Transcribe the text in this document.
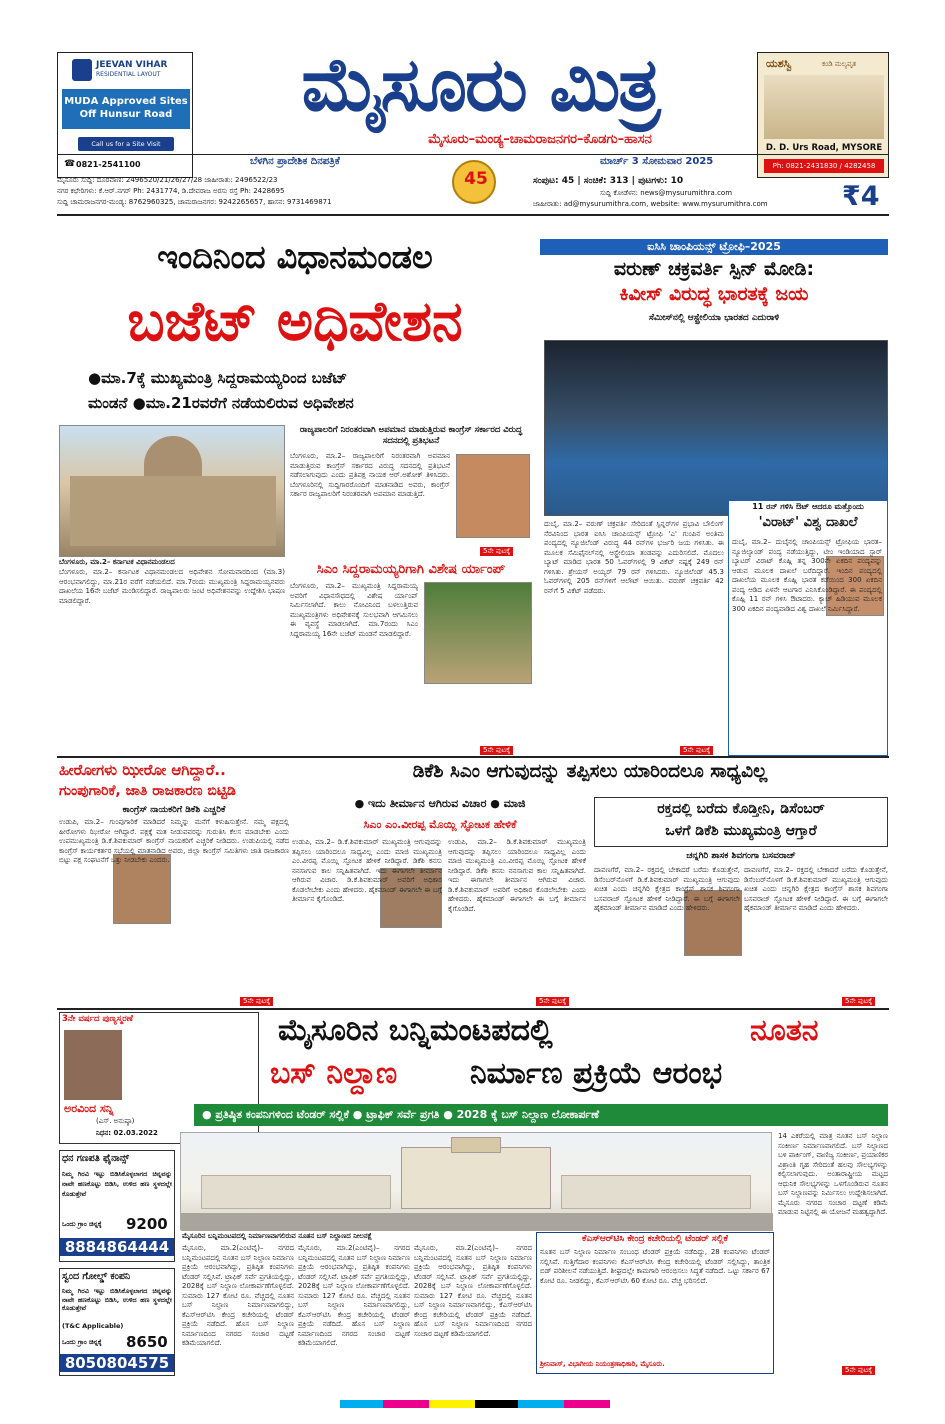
JEEVAN VIHAR
RESIDENTIAL LAYOUT
MUDA Approved Sites Off Hunsur Road
Call us for a Site Visit
☎ 0821-2541100
ಮೈಸೂರು ಮಿತ್ರ
ಮೈಸೂರು–ಮಂಡ್ಯ–ಚಾಮರಾಜನಗರ–ಕೊಡಗು–ಹಾಸನ
ಯಶಸ್ವಿ	ಕಂಡಿ ಮಲ್ಯವೃತ
D. D. Urs Road, MYSORE
Ph: 0821-2431830 / 4282458
ಬೆಳಗಿನ ಪ್ರಾದೇಶಿಕ ದಿನಪತ್ರಿಕೆ	ಮಾರ್ಚ್ 3 ಸೋಮವಾರ 2025
45
ಮೈಸೂರು ಸುದ್ದಿ: ದೂರವಾಣಿ: 2496520/21/26/27/28 ಜಾಹೀರಾತು: 2496522/23
ನಗರ ಕಛೇರಿಗಳು: ಕೆ.ಆರ್.ನಗರ್ Ph: 2431774, ಡಿ.ದೇವರಾಜ ಅರಸು ರಸ್ತೆ Ph: 2428695
ಸುದ್ದಿ ಚಾಮರಾಜನಗರ-ಮಂಡ್ಯ: 8762960325, ಚಾಮರಾಜನಗರ: 9242265657, ಹಾಸನ: 9731469871
ಸಂಪುಟ: 45 | ಸಂಚಿಕೆ: 313 | ಪುಟಗಳು: 10
ಸುದ್ದಿ ಕೋಡೆಳನ: news@mysurumithra.com
ಜಾಹೀರಾತು: ad@mysurumithra.com, website: www.mysurumithra.com	₹4
ಇಂದಿನಿಂದ ವಿಧಾನಮಂಡಲ
ಬಜೆಟ್ ಅಧಿವೇಶನ
●ಮಾ.7ಕ್ಕೆ ಮುಖ್ಯಮಂತ್ರಿ ಸಿದ್ದರಾಮಯ್ಯರಿಂದ ಬಜೆಟ್
ಮಂಡನೆ ●ಮಾ.21ರವರೆಗೆ ನಡೆಯಲಿರುವ ಅಧಿವೇಶನ
ಬೆಂಗಳೂರು, ಮಾ.2– ಕರ್ನಾಟಕ ವಿಧಾನಮಂಡಲದ
ಬೆಂಗಳೂರು, ಮಾ.2– ಕರ್ನಾಟಕ ವಿಧಾನಮಂಡಲದ ಅಧಿವೇಶನ ಸೋಮವಾರದಿಂದ (ಮಾ.3) ಆರಂಭವಾಗಲಿದ್ದು, ಮಾ.21ರ ವರೆಗೆ ನಡೆಯಲಿದೆ. ಮಾ.7ರಂದು ಮುಖ್ಯಮಂತ್ರಿ ಸಿದ್ದರಾಮಯ್ಯನವರು ದಾಖಲೆಯ 16ನೇ ಬಜೆಟ್ ಮಂಡಿಸಲಿದ್ದಾರೆ. ರಾಜ್ಯಪಾಲರು ಜಂಟಿ ಅಧಿವೇಶನವನ್ನು ಉದ್ದೇಶಿಸಿ ಭಾಷಣ ಮಾಡಲಿದ್ದಾರೆ.
ರಾಜ್ಯಪಾಲರಿಗೆ ನಿರಂತರವಾಗಿ ಅಪಮಾನ ಮಾಡುತ್ತಿರುವ ಕಾಂಗ್ರೆಸ್ ಸರ್ಕಾರದ ವಿರುದ್ಧ ಸದನದಲ್ಲಿ ಪ್ರತಿಭಟನೆ
ಬೆಂಗಳೂರು, ಮಾ.2– ರಾಜ್ಯಪಾಲರಿಗೆ ನಿರಂತರವಾಗಿ ಅಪಮಾನ ಮಾಡುತ್ತಿರುವ ಕಾಂಗ್ರೆಸ್ ಸರ್ಕಾರದ ವಿರುದ್ಧ ಸದನದಲ್ಲಿ ಪ್ರತಿಭಟನೆ ನಡೆಸಲಾಗುವುದು ಎಂದು ಪ್ರತಿಪಕ್ಷ ನಾಯಕ ಆರ್.ಅಶೋಕ್ ತಿಳಿಸಿದರು. ಬೆಂಗಳೂರಿನಲ್ಲಿ ಸುದ್ದಿಗಾರರೊಂದಿಗೆ ಮಾತನಾಡಿದ ಅವರು, ಕಾಂಗ್ರೆಸ್ ಸರ್ಕಾರ ರಾಜ್ಯಪಾಲರಿಗೆ ನಿರಂತರವಾಗಿ ಅಪಮಾನ ಮಾಡುತ್ತಿದೆ.
5ನೇ ಪುಟಕ್ಕೆ
ಸಿಎಂ ಸಿದ್ದರಾಮಯ್ಯರಿಗಾಗಿ ವಿಶೇಷ ರ್ಯಾಂಪ್
ಬೆಂಗಳೂರು, ಮಾ.2– ಮುಖ್ಯಮಂತ್ರಿ ಸಿದ್ದರಾಮಯ್ಯ ಅವರಿಗೆ ವಿಧಾನಸೌಧದಲ್ಲಿ ವಿಶೇಷ ರ್ಯಾಂಪ್ ನಿರ್ಮಿಸಲಾಗಿದೆ. ಕಾಲು ನೋವಿನಿಂದ ಬಳಲುತ್ತಿರುವ ಮುಖ್ಯಮಂತ್ರಿಗಳು ಅಧಿವೇಶನಕ್ಕೆ ಸುಲಭವಾಗಿ ಆಗಮಿಸಲು ಈ ವ್ಯವಸ್ಥೆ ಮಾಡಲಾಗಿದೆ. ಮಾ.7ರಂದು ಸಿಎಂ ಸಿದ್ದರಾಮಯ್ಯ 16ನೇ ಬಜೆಟ್ ಮಂಡನೆ ಮಾಡಲಿದ್ದಾರೆ.
5ನೇ ಪುಟಕ್ಕೆ
ಐಸಿಸಿ ಚಾಂಪಿಯನ್ಸ್ ಟ್ರೋಫಿ–2025
ವರುಣ್ ಚಕ್ರವರ್ತಿ ಸ್ಪಿನ್ ಮೋಡಿ:
ಕಿವೀಸ್ ವಿರುದ್ಧ ಭಾರತಕ್ಕೆ ಜಯ
ಸೆಮೀಸ್‌ನಲ್ಲಿ ಆಸ್ಟ್ರೇಲಿಯಾ ಭಾರತದ ಎದುರಾಳಿ
ದುಬೈ, ಮಾ.2– ವರುಣ್ ಚಕ್ರವರ್ತಿ ಸೇರಿದಂತೆ ಸ್ಪಿನ್ನರ್‌ಗಳ ಪ್ರಭಾವಿ ಬೌಲಿಂಗ್ ನೆರವಿನಿಂದ ಭಾರತ ಐಸಿಸಿ ಚಾಂಪಿಯನ್ಸ್ ಟ್ರೋಫಿ 'ಎ' ಗುಂಪಿನ ಅಂತಿಮ ಪಂದ್ಯದಲ್ಲಿ ನ್ಯೂಜಿಲೆಂಡ್ ವಿರುದ್ಧ 44 ರನ್‌ಗಳ ಭರ್ಜರಿ ಜಯ ಗಳಿಸಿತು. ಈ ಮೂಲಕ ಸೆಮಿಫೈನಲ್‌ನಲ್ಲಿ ಆಸ್ಟ್ರೇಲಿಯಾ ತಂಡವನ್ನು ಎದುರಿಸಲಿದೆ. ಮೊದಲು ಬ್ಯಾಟ್ ಮಾಡಿದ ಭಾರತ 50 ಓವರ್‌ಗಳಲ್ಲಿ 9 ವಿಕೆಟ್ ನಷ್ಟಕ್ಕೆ 249 ರನ್ ಗಳಿಸಿತು. ಶ್ರೇಯಸ್ ಅಯ್ಯರ್ 79 ರನ್ ಗಳಿಸಿದರು. ನ್ಯೂಜಿಲೆಂಡ್ 45.3 ಓವರ್‌ಗಳಲ್ಲಿ 205 ರನ್‌ಗಳಿಗೆ ಆಲೌಟ್ ಆಯಿತು. ವರುಣ್ ಚಕ್ರವರ್ತಿ 42 ರನ್‌ಗೆ 5 ವಿಕೆಟ್ ಪಡೆದರು.
5ನೇ ಪುಟಕ್ಕೆ
11 ರನ್ ಗಳಿಸಿ ಔಟ್ ಆದರೂ ಮತ್ತೊಂದು
'ವಿರಾಟ್' ವಿಶ್ವ ದಾಖಲೆ
ದುಬೈ, ಮಾ.2– ದುಬೈನಲ್ಲಿ ಚಾಂಪಿಯನ್ಸ್ ಟ್ರೋಫಿಯ ಭಾರತ–ನ್ಯೂಜಿಲ್ಯಾಂಡ್ ಪಂದ್ಯ ನಡೆಯುತ್ತಿದ್ದು, ಟೀಂ ಇಂಡಿಯಾದ ಸ್ಟಾರ್ ಬ್ಯಾಟರ್ ವಿರಾಟ್ ಕೊಹ್ಲಿ ತನ್ನ 300ನೇ ಏಕದಿನ ಪಂದ್ಯವನ್ನು ಆಡುವ ಮೂಲಕ ದಾಖಲೆ ಬರೆದಿದ್ದಾರೆ. ಇಂದಿನ ಪಂದ್ಯದಲ್ಲಿ ದಾಖಲೆಯ ಮೂಲಕ ಕೊಹ್ಲಿ ಭಾರತ ಕಡೆಯಿಂದ 300 ಏಕದಿನ ಪಂದ್ಯ ಆಡಿದ ಏಳನೇ ಆಟಗಾರ ಎನಿಸಿಕೊಂಡಿದ್ದಾರೆ. ಈ ಪಂದ್ಯದಲ್ಲಿ ಕೊಹ್ಲಿ 11 ರನ್ ಗಳಿಸಿ ಔಟಾದರು. ಕ್ಯಾಚ್ ಹಿಡಿಯುವ ಮೂಲಕ 300 ಏಕದಿನ ಪಂದ್ಯವಾಡಿದ ವಿಶ್ವ ದಾಖಲೆ ನಿರ್ಮಿಸಿದ್ದಾರೆ.
ಹೀರೋಗಳು ಝೀರೋ ಆಗಿದ್ದಾರೆ..
ಗುಂಪುಗಾರಿಕೆ, ಜಾತಿ ರಾಜಕಾರಣ ಬಿಟ್ಟಿಡಿ
ಕಾಂಗ್ರೆಸ್ ನಾಯಕರಿಗೆ ಡಿಕೆಶಿ ಎಚ್ಚರಿಕೆ
ಉಡುಪಿ, ಮಾ.2– ಗುಂಪುಗಾರಿಕೆ ಮಾಡಿದರೆ ನಿಮ್ಮನ್ನು ಮನೆಗೆ ಕಳುಹಿಸುತ್ತೇನೆ. ನಮ್ಮ ಪಕ್ಷದಲ್ಲಿ ಹೀರೋಗಳು ಝೀರೋ ಆಗಿದ್ದಾರೆ. ಪಕ್ಷಕ್ಕೆ ಮತ ನೀಡುವವರನ್ನು ಗುರುತಿಸಿ ಕೆಲಸ ಮಾಡಬೇಕು ಎಂದು ಉಪಮುಖ್ಯಮಂತ್ರಿ ಡಿ.ಕೆ.ಶಿವಕುಮಾರ್ ಕಾಂಗ್ರೆಸ್ ನಾಯಕರಿಗೆ ಎಚ್ಚರಿಕೆ ನೀಡಿದರು. ಉಡುಪಿಯಲ್ಲಿ ನಡೆದ ಕಾಂಗ್ರೆಸ್ ಕಾರ್ಯಕರ್ತರ ಸಭೆಯಲ್ಲಿ ಮಾತನಾಡಿದ ಅವರು, ಜಿಲ್ಲಾ ಕಾಂಗ್ರೆಸ್ ಸಮಿತಿಗಳು ಜಾತಿ ರಾಜಕಾರಣ ಬಿಟ್ಟು ಪಕ್ಷ ಸಂಘಟನೆಗೆ ಒತ್ತು ನೀಡಬೇಕು ಎಂದರು.
5ನೇ ಪುಟಕ್ಕೆ
ಡಿಕೆಶಿ ಸಿಎಂ ಆಗುವುದನ್ನು ತಪ್ಪಿಸಲು ಯಾರಿಂದಲೂ ಸಾಧ್ಯವಿಲ್ಲ
● ಇದು ತೀರ್ಮಾನ ಆಗಿರುವ ವಿಚಾರ ● ಮಾಜಿ
ಸಿಎಂ ಎಂ.ವೀರಪ್ಪ ಮೊಯ್ಲಿ ಸ್ಫೋಟಕ ಹೇಳಿಕೆ
ಉಡುಪಿ, ಮಾ.2– ಡಿ.ಕೆ.ಶಿವಕುಮಾರ್ ಮುಖ್ಯಮಂತ್ರಿ ಆಗುವುದನ್ನು ತಪ್ಪಿಸಲು ಯಾರಿಂದಲೂ ಸಾಧ್ಯವಿಲ್ಲ ಎಂದು ಮಾಜಿ ಮುಖ್ಯಮಂತ್ರಿ ಎಂ.ವೀರಪ್ಪ ಮೊಯ್ಲಿ ಸ್ಫೋಟಕ ಹೇಳಿಕೆ ನೀಡಿದ್ದಾರೆ. ಡಿಕೆಶಿ ಕನಸು ನನಸಾಗುವ ಕಾಲ ಸನ್ನಿಹಿತವಾಗಿದೆ. ಇದು ಈಗಾಗಲೇ ತೀರ್ಮಾನ ಆಗಿರುವ ವಿಚಾರ. ಡಿ.ಕೆ.ಶಿವಕುಮಾರ್ ಅವರಿಗೆ ಅಧಿಕಾರ ಕೊಡಲೇಬೇಕು ಎಂದು ಹೇಳಿದರು. ಹೈಕಮಾಂಡ್ ಈಗಾಗಲೇ ಈ ಬಗ್ಗೆ ತೀರ್ಮಾನ ಕೈಗೊಂಡಿದೆ.
ಉಡುಪಿ, ಮಾ.2– ಡಿ.ಕೆ.ಶಿವಕುಮಾರ್ ಮುಖ್ಯಮಂತ್ರಿ ಆಗುವುದನ್ನು ತಪ್ಪಿಸಲು ಯಾರಿಂದಲೂ ಸಾಧ್ಯವಿಲ್ಲ ಎಂದು ಮಾಜಿ ಮುಖ್ಯಮಂತ್ರಿ ಎಂ.ವೀರಪ್ಪ ಮೊಯ್ಲಿ ಸ್ಫೋಟಕ ಹೇಳಿಕೆ ನೀಡಿದ್ದಾರೆ. ಡಿಕೆಶಿ ಕನಸು ನನಸಾಗುವ ಕಾಲ ಸನ್ನಿಹಿತವಾಗಿದೆ. ಇದು ಈಗಾಗಲೇ ತೀರ್ಮಾನ ಆಗಿರುವ ವಿಚಾರ. ಡಿ.ಕೆ.ಶಿವಕುಮಾರ್ ಅವರಿಗೆ ಅಧಿಕಾರ ಕೊಡಲೇಬೇಕು ಎಂದು ಹೇಳಿದರು. ಹೈಕಮಾಂಡ್ ಈಗಾಗಲೇ ಈ ಬಗ್ಗೆ ತೀರ್ಮಾನ ಕೈಗೊಂಡಿದೆ.
5ನೇ ಪುಟಕ್ಕೆ
ರಕ್ತದಲ್ಲಿ ಬರೆದು ಕೊಡ್ತೀನಿ, ಡಿಸೆಂಬರ್
ಒಳಗೆ ಡಿಕೆಶಿ ಮುಖ್ಯಮಂತ್ರಿ ಆಗ್ತಾರೆ
ಚನ್ನಗಿರಿ ಶಾಸಕ ಶಿವಗಂಗಾ ಬಸವರಾಜ್
ದಾವಣಗೆರೆ, ಮಾ.2– ರಕ್ತದಲ್ಲಿ ಬೇಕಾದರೆ ಬರೆದು ಕೊಡುತ್ತೇನೆ, ಡಿಸೆಂಬರ್‌ನೊಳಗೆ ಡಿ.ಕೆ.ಶಿವಕುಮಾರ್ ಮುಖ್ಯಮಂತ್ರಿ ಆಗುವುದು ಖಚಿತ ಎಂದು ಚನ್ನಗಿರಿ ಕ್ಷೇತ್ರದ ಕಾಂಗ್ರೆಸ್ ಶಾಸಕ ಶಿವಗಂಗಾ ಬಸವರಾಜ್ ಸ್ಫೋಟಕ ಹೇಳಿಕೆ ನೀಡಿದ್ದಾರೆ. ಈ ಬಗ್ಗೆ ಈಗಾಗಲೇ ಹೈಕಮಾಂಡ್ ತೀರ್ಮಾನ ಮಾಡಿದೆ ಎಂದು ಹೇಳಿದರು.
ದಾವಣಗೆರೆ, ಮಾ.2– ರಕ್ತದಲ್ಲಿ ಬೇಕಾದರೆ ಬರೆದು ಕೊಡುತ್ತೇನೆ, ಡಿಸೆಂಬರ್‌ನೊಳಗೆ ಡಿ.ಕೆ.ಶಿವಕುಮಾರ್ ಮುಖ್ಯಮಂತ್ರಿ ಆಗುವುದು ಖಚಿತ ಎಂದು ಚನ್ನಗಿರಿ ಕ್ಷೇತ್ರದ ಕಾಂಗ್ರೆಸ್ ಶಾಸಕ ಶಿವಗಂಗಾ ಬಸವರಾಜ್ ಸ್ಫೋಟಕ ಹೇಳಿಕೆ ನೀಡಿದ್ದಾರೆ. ಈ ಬಗ್ಗೆ ಈಗಾಗಲೇ ಹೈಕಮಾಂಡ್ ತೀರ್ಮಾನ ಮಾಡಿದೆ ಎಂದು ಹೇಳಿದರು.
5ನೇ ಪುಟಕ್ಕೆ
3ನೇ ವರ್ಷದ ಪುಣ್ಯಸ್ಮರಣೆ
ಅರವಿಂದ ಸನ್ನಿ
(ಎಸ್. ಅನುಷ್ಠಾ)
ನಿಧನ: 02.03.2022
ಧನ ಗಣಪತಿ ಫೈನಾನ್ಸ್
ನಿಮ್ಮ ಗಿರವಿ ಇಟ್ಟು ಬಿಡಿಸಿಕೊಳ್ಳಲಾಗದ ಚಿನ್ನವನ್ನು ನಾವೇ ಹಣಕೊಟ್ಟು ಬಿಡಿಸಿ, ಉಳಿದ ಹಣ ಸ್ಥಳದಲ್ಲೇ ಕೊಡುತ್ತೇವೆ
ಒಂದು ಗ್ರಾಂ ಚಿನ್ನಕ್ಕೆ 9200
8884864444
ಸ್ವಂದ ಗೋಲ್ಡ್ ಕಂಪನಿ
ನಿಮ್ಮ ಗಿರವಿ ಇಟ್ಟು ಬಿಡಿಸಿಕೊಳ್ಳಲಾಗದ ಚಿನ್ನವನ್ನು ನಾವೇ ಹಣಕೊಟ್ಟು ಬಿಡಿಸಿ, ಉಳಿದ ಹಣ ಸ್ಥಳದಲ್ಲೇ ಕೊಡುತ್ತೇವೆ
(T&C Applicable)
ಒಂದು ಗ್ರಾಂ ಚಿನ್ನಕ್ಕೆ 8650
8050804575
ಮೈಸೂರಿನ ಬನ್ನಿಮಂಟಪದಲ್ಲಿ	ನೂತನ
ಬಸ್ ನಿಲ್ದಾಣ ನಿರ್ಮಾಣ ಪ್ರಕ್ರಿಯೆ ಆರಂಭ
● ಪ್ರತಿಷ್ಠಿತ ಕಂಪನಿಗಳಿಂದ ಟೆಂಡರ್ ಸಲ್ಲಿಕೆ ● ಟ್ರಾಫಿಕ್ ಸರ್ವೆ ಪ್ರಗತಿ ● 2028 ಕ್ಕೆ ಬಸ್ ನಿಲ್ದಾಣ ಲೋಕಾರ್ಪಣೆ
14 ಎಕರೆಯಲ್ಲಿ ಮಾತ್ರ ನೂತನ ಬಸ್ ನಿಲ್ದಾಣ ಸಂಕೀರ್ಣ ನಿರ್ಮಾಣವಾಗಲಿದೆ. ಬಸ್ ನಿಲ್ದಾಣದ ಬಳಿ ಪಾರ್ಕಿಂಗ್, ವಾಣಿಜ್ಯ ಸಂಕೀರ್ಣ, ಪ್ರಯಾಣಿಕರ ವಿಶ್ರಾಂತಿ ಗೃಹ ಸೇರಿದಂತೆ ಹಲವು ಸೌಲಭ್ಯಗಳನ್ನು ಕಲ್ಪಿಸಲಾಗುವುದು. ಅಂತಾರಾಷ್ಟ್ರೀಯ ಮಟ್ಟದ ಆಧುನಿಕ ಸೌಲಭ್ಯಗಳನ್ನು ಒಳಗೊಂಡಿರುವ ನೂತನ ಬಸ್ ನಿಲ್ದಾಣವನ್ನು ನಿರ್ಮಿಸಲು ಉದ್ದೇಶಿಸಲಾಗಿದೆ. ಮೈಸೂರು ನಗರದ ಸಂಚಾರ ದಟ್ಟಣೆ ಕಡಿಮೆ ಮಾಡುವ ನಿಟ್ಟಿನಲ್ಲಿ ಈ ಯೋಜನೆ ಮಹತ್ವದ್ದಾಗಿದೆ.
5ನೇ ಪುಟಕ್ಕೆ
ಮೈಸೂರಿನ ಬನ್ನಿಮಂಟಪದಲ್ಲಿ ನಿರ್ಮಾಣವಾಗಲಿರುವ ನೂತನ ಬಸ್ ನಿಲ್ದಾಣದ ನೀಲನಕ್ಷೆ
ಮೈಸೂರು, ಮಾ.2(ಎಂಟಿವೈ)– ನಗರದ ಬನ್ನಿಮಂಟಪದಲ್ಲಿ ನೂತನ ಬಸ್ ನಿಲ್ದಾಣ ನಿರ್ಮಾಣ ಪ್ರಕ್ರಿಯೆ ಆರಂಭವಾಗಿದ್ದು, ಪ್ರತಿಷ್ಠಿತ ಕಂಪನಿಗಳು ಟೆಂಡರ್ ಸಲ್ಲಿಸಿವೆ. ಟ್ರಾಫಿಕ್ ಸರ್ವೆ ಪ್ರಗತಿಯಲ್ಲಿದ್ದು, 2028ಕ್ಕೆ ಬಸ್ ನಿಲ್ದಾಣ ಲೋಕಾರ್ಪಣೆಗೊಳ್ಳಲಿದೆ. ಸುಮಾರು 127 ಕೋಟಿ ರೂ. ವೆಚ್ಚದಲ್ಲಿ ನೂತನ ಬಸ್ ನಿಲ್ದಾಣ ನಿರ್ಮಾಣವಾಗಲಿದ್ದು, ಕೆಎಸ್ಆರ್‌ಟಿಸಿ ಕೇಂದ್ರ ಕಚೇರಿಯಲ್ಲಿ ಟೆಂಡರ್ ಪ್ರಕ್ರಿಯೆ ನಡೆದಿದೆ. ಹೊಸ ಬಸ್ ನಿಲ್ದಾಣ ನಿರ್ಮಾಣದಿಂದ ನಗರದ ಸಂಚಾರ ದಟ್ಟಣೆ ಕಡಿಮೆಯಾಗಲಿದೆ.
ಮೈಸೂರು, ಮಾ.2(ಎಂಟಿವೈ)– ನಗರದ ಬನ್ನಿಮಂಟಪದಲ್ಲಿ ನೂತನ ಬಸ್ ನಿಲ್ದಾಣ ನಿರ್ಮಾಣ ಪ್ರಕ್ರಿಯೆ ಆರಂಭವಾಗಿದ್ದು, ಪ್ರತಿಷ್ಠಿತ ಕಂಪನಿಗಳು ಟೆಂಡರ್ ಸಲ್ಲಿಸಿವೆ. ಟ್ರಾಫಿಕ್ ಸರ್ವೆ ಪ್ರಗತಿಯಲ್ಲಿದ್ದು, 2028ಕ್ಕೆ ಬಸ್ ನಿಲ್ದಾಣ ಲೋಕಾರ್ಪಣೆಗೊಳ್ಳಲಿದೆ. ಸುಮಾರು 127 ಕೋಟಿ ರೂ. ವೆಚ್ಚದಲ್ಲಿ ನೂತನ ಬಸ್ ನಿಲ್ದಾಣ ನಿರ್ಮಾಣವಾಗಲಿದ್ದು, ಕೆಎಸ್ಆರ್‌ಟಿಸಿ ಕೇಂದ್ರ ಕಚೇರಿಯಲ್ಲಿ ಟೆಂಡರ್ ಪ್ರಕ್ರಿಯೆ ನಡೆದಿದೆ. ಹೊಸ ಬಸ್ ನಿಲ್ದಾಣ ನಿರ್ಮಾಣದಿಂದ ನಗರದ ಸಂಚಾರ ದಟ್ಟಣೆ ಕಡಿಮೆಯಾಗಲಿದೆ.
ಮೈಸೂರು, ಮಾ.2(ಎಂಟಿವೈ)– ನಗರದ ಬನ್ನಿಮಂಟಪದಲ್ಲಿ ನೂತನ ಬಸ್ ನಿಲ್ದಾಣ ನಿರ್ಮಾಣ ಪ್ರಕ್ರಿಯೆ ಆರಂಭವಾಗಿದ್ದು, ಪ್ರತಿಷ್ಠಿತ ಕಂಪನಿಗಳು ಟೆಂಡರ್ ಸಲ್ಲಿಸಿವೆ. ಟ್ರಾಫಿಕ್ ಸರ್ವೆ ಪ್ರಗತಿಯಲ್ಲಿದ್ದು, 2028ಕ್ಕೆ ಬಸ್ ನಿಲ್ದಾಣ ಲೋಕಾರ್ಪಣೆಗೊಳ್ಳಲಿದೆ. ಸುಮಾರು 127 ಕೋಟಿ ರೂ. ವೆಚ್ಚದಲ್ಲಿ ನೂತನ ಬಸ್ ನಿಲ್ದಾಣ ನಿರ್ಮಾಣವಾಗಲಿದ್ದು, ಕೆಎಸ್ಆರ್‌ಟಿಸಿ ಕೇಂದ್ರ ಕಚೇರಿಯಲ್ಲಿ ಟೆಂಡರ್ ಪ್ರಕ್ರಿಯೆ ನಡೆದಿದೆ. ಹೊಸ ಬಸ್ ನಿಲ್ದಾಣ ನಿರ್ಮಾಣದಿಂದ ನಗರದ ಸಂಚಾರ ದಟ್ಟಣೆ ಕಡಿಮೆಯಾಗಲಿದೆ.
ಕೆಎಸ್‌ಆರ್‌ಟಿಸಿ ಕೇಂದ್ರ ಕಚೇರಿಯಲ್ಲಿ ಟೆಂಡರ್ ಸಲ್ಲಿಕೆ
ನೂತನ ಬಸ್ ನಿಲ್ದಾಣ ನಿರ್ಮಾಣ ಸಂಬಂಧ ಟೆಂಡರ್ ಪ್ರಕ್ರಿಯೆ ನಡೆದಿದ್ದು, 28 ಕಂಪನಿಗಳು ಟೆಂಡರ್ ಸಲ್ಲಿಸಿವೆ. ಗುತ್ತಿಗೆದಾರ ಕಂಪನಿಗಳು ಕೆಎಸ್ಆರ್‌ಟಿಸಿ ಕೇಂದ್ರ ಕಚೇರಿಯಲ್ಲಿ ಟೆಂಡರ್ ಸಲ್ಲಿಸಿದ್ದು, ತಾಂತ್ರಿಕ ಬಿಡ್ ಪರಿಶೀಲನೆ ನಡೆಯುತ್ತಿದೆ. ಶೀಘ್ರದಲ್ಲೇ ಕಾಮಗಾರಿ ಆರಂಭಿಸಲು ಸಿದ್ಧತೆ ನಡೆದಿದೆ. ಒಟ್ಟು ಸರ್ಕಾರ 67 ಕೋಟಿ ರೂ. ನೀಡಲಿದ್ದು, ಕೆಎಸ್ಆರ್‌ಟಿಸಿ 60 ಕೋಟಿ ರೂ. ವೆಚ್ಚ ಭರಿಸಲಿದೆ.
ಶ್ರೀನಿವಾಸ್, ವಿಭಾಗೀಯ ನಿಯಂತ್ರಣಾಧಿಕಾರಿ, ಮೈಸೂರು.
